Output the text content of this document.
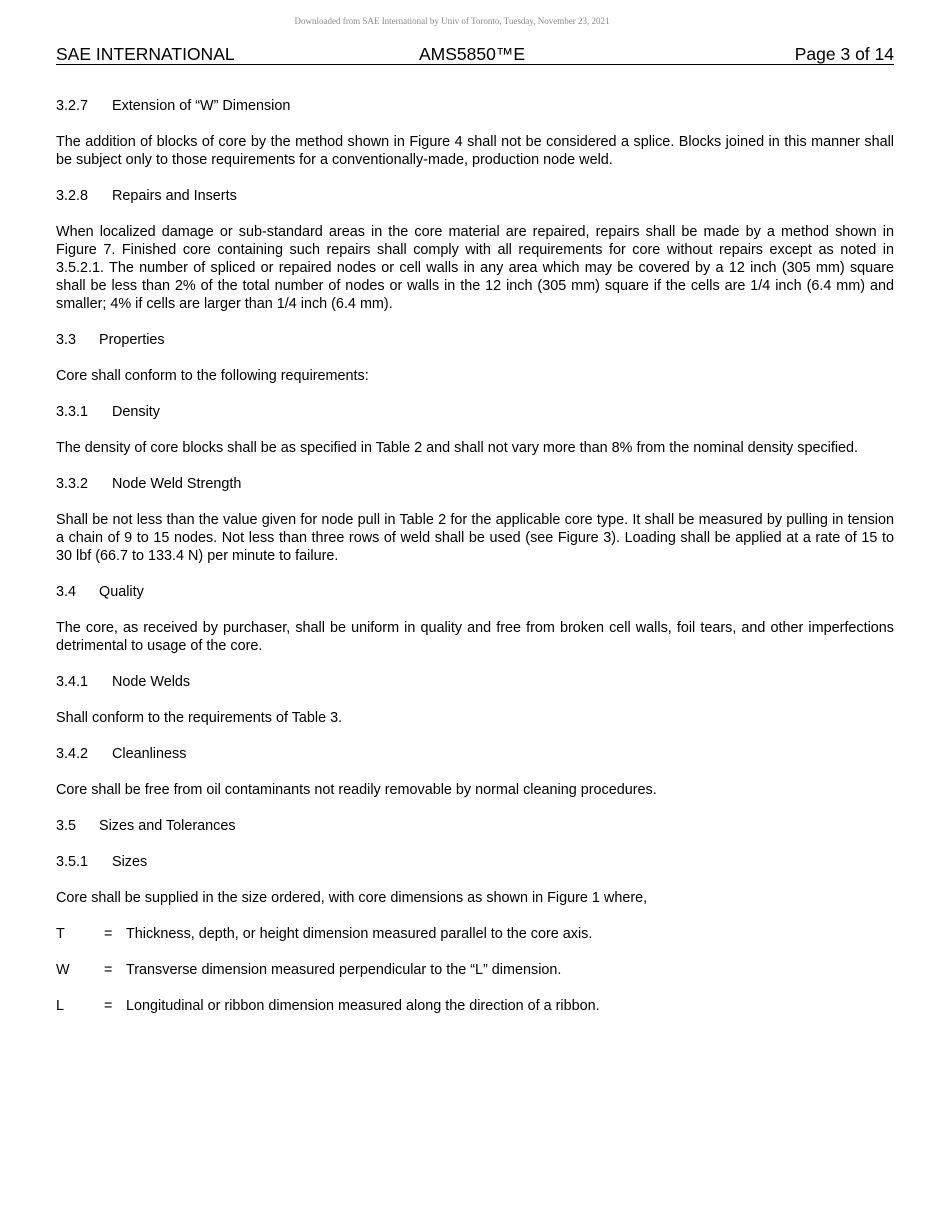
Downloaded from SAE International by Univ of Toronto, Tuesday, November 23, 2021
SAE INTERNATIONAL	AMS5850™E	Page 3 of 14

3.2.7 Extension of “W” Dimension

The addition of blocks of core by the method shown in Figure 4 shall not be considered a splice. Blocks joined in this manner shall be subject only to those requirements for a conventionally-made, production node weld.

3.2.8 Repairs and Inserts

When localized damage or sub-standard areas in the core material are repaired, repairs shall be made by a method shown in Figure 7. Finished core containing such repairs shall comply with all requirements for core without repairs except as noted in 3.5.2.1. The number of spliced or repaired nodes or cell walls in any area which may be covered by a 12 inch (305 mm) square shall be less than 2% of the total number of nodes or walls in the 12 inch (305 mm) square if the cells are 1/4 inch (6.4 mm) and smaller; 4% if cells are larger than 1/4 inch (6.4 mm).

3.3 Properties

Core shall conform to the following requirements:

3.3.1 Density

The density of core blocks shall be as specified in Table 2 and shall not vary more than 8% from the nominal density specified.

3.3.2 Node Weld Strength

Shall be not less than the value given for node pull in Table 2 for the applicable core type. It shall be measured by pulling in tension a chain of 9 to 15 nodes. Not less than three rows of weld shall be used (see Figure 3). Loading shall be applied at a rate of 15 to 30 lbf (66.7 to 133.4 N) per minute to failure.

3.4 Quality

The core, as received by purchaser, shall be uniform in quality and free from broken cell walls, foil tears, and other imperfections detrimental to usage of the core.

3.4.1 Node Welds

Shall conform to the requirements of Table 3.

3.4.2 Cleanliness

Core shall be free from oil contaminants not readily removable by normal cleaning procedures.

3.5 Sizes and Tolerances

3.5.1 Sizes

Core shall be supplied in the size ordered, with core dimensions as shown in Figure 1 where,

T	= Thickness, depth, or height dimension measured parallel to the core axis.
W = Transverse dimension measured perpendicular to the “L” dimension.
L	= Longitudinal or ribbon dimension measured along the direction of a ribbon.
